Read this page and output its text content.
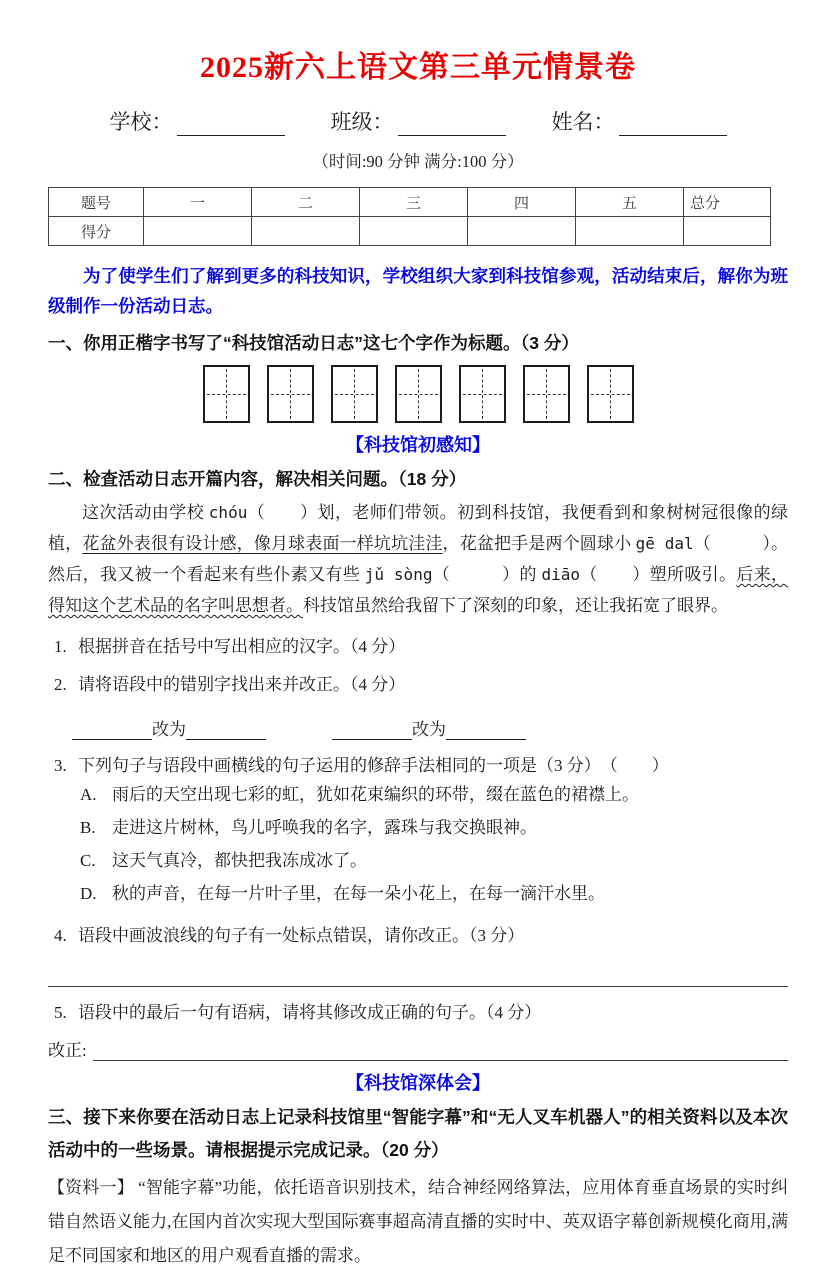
2025新六上语文第三单元情景卷
学校：	班级：	姓名：
（时间:90 分钟 满分:100 分）
题号	一	二	三	四	五	总分
得分						
为了使学生们了解到更多的科技知识，学校组织大家到科技馆参观，活动结束后，解你为班级制作一份活动日志。
一、你用正楷字书写了“科技馆活动日志”这七个字作为标题。（3 分）
【科技馆初感知】
二、检查活动日志开篇内容，解决相关问题。（18 分）
这次活动由学校 chóu（　　）划，老师们带领。初到科技馆，我便看到和象树树冠很像的绿植，花盆外表很有设计感，像月球表面一样坑坑洼洼，花盆把手是两个圆球小 gē dal（　　　）。然后，我又被一个看起来有些仆素又有些 jǔ sòng（　　　）的 diāo（　　）塑所吸引。后来，得知这个艺术品的名字叫思想者。科技馆虽然给我留下了深刻的印象，还让我拓宽了眼界。
1. 根据拼音在括号中写出相应的汉字。（4 分）
2. 请将语段中的错别字找出来并改正。（4 分）
改为	改为
3. 下列句子与语段中画横线的句子运用的修辞手法相同的一项是（3 分）　（　　）
A. 雨后的天空出现七彩的虹，犹如花束编织的环带，缀在蓝色的裙襟上。
B. 走进这片树林，鸟儿呼唤我的名字，露珠与我交换眼神。
C. 这天气真冷，都快把我冻成冰了。
D. 秋的声音，在每一片叶子里，在每一朵小花上，在每一滴汗水里。
4. 语段中画波浪线的句子有一处标点错误，请你改正。（3 分）
5. 语段中的最后一句有语病，请将其修改成正确的句子。（4 分）
改正:
【科技馆深体会】
三、接下来你要在活动日志上记录科技馆里“智能字幕”和“无人叉车机器人”的相关资料以及本次活动中的一些场景。请根据提示完成记录。（20 分）
【资料一】 “智能字幕”功能，依托语音识别技术，结合神经网络算法，应用体育垂直场景的实时纠错自然语义能力,在国内首次实现大型国际赛事超高清直播的实时中、英双语字幕创新规模化商用,满足不同国家和地区的用户观看直播的需求。
